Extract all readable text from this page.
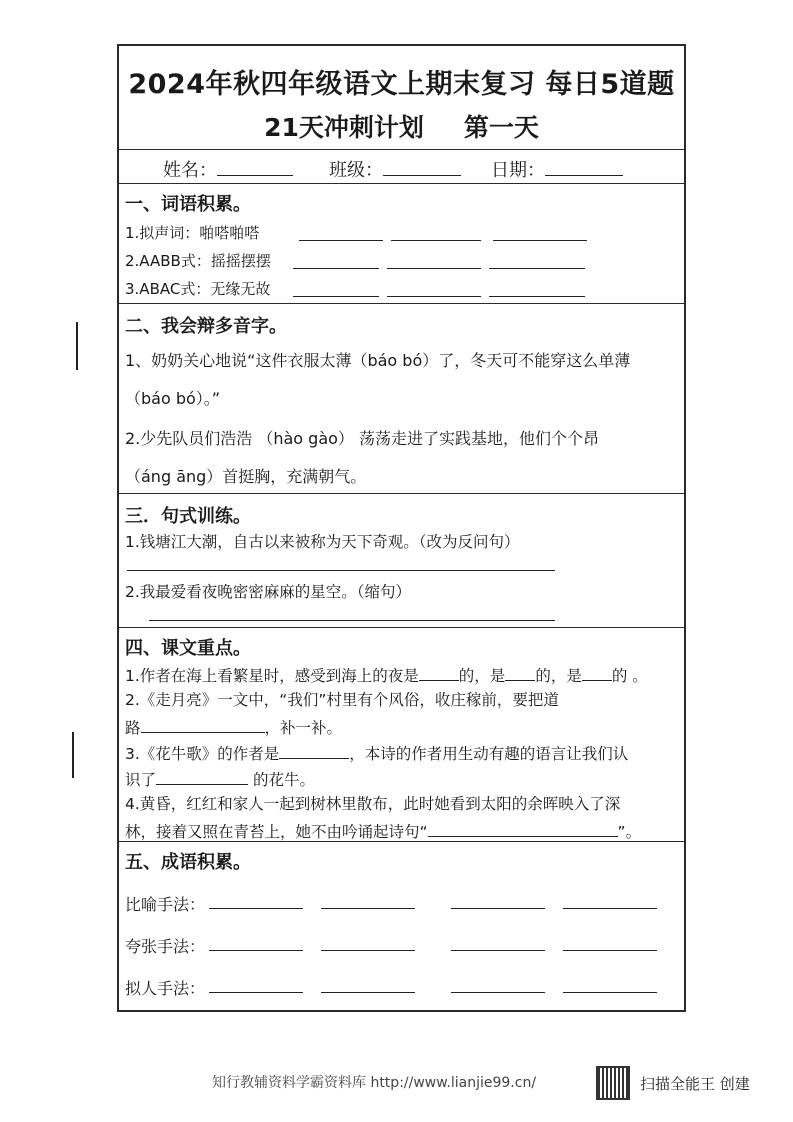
2024年秋四年级语文上期末复习 每日5道题
21天冲刺计划 第一天
姓名：	班级：	日期：
一、词语积累。
1.拟声词：啪嗒啪嗒
2.AABB式：摇摇摆摆
3.ABAC式：无缘无故
二、我会辩多音字。
1、奶奶关心地说“这件衣服太薄（báo bó）了，冬天可不能穿这么单薄
（báo bó）。”
2.少先队员们浩浩 （hào gào） 荡荡走进了实践基地，他们个个昂
（áng āng）首挺胸，充满朝气。
三．句式训练。
1.钱塘江大潮，自古以来被称为天下奇观。（改为反问句）
2.我最爱看夜晚密密麻麻的星空。（缩句）
四、课文重点。
1.作者在海上看繁星时，感受到海上的夜是	的，是 的，是 的 。
2.《走月亮》一文中，“我们”村里有个风俗，收庄稼前，要把道
路	，补一补。
3.《花牛歌》的作者是	，本诗的作者用生动有趣的语言让我们认
识了	的花牛。
4.黄昏，红红和家人一起到树林里散布，此时她看到太阳的余晖映入了深
林，接着又照在青苔上，她不由吟诵起诗句“	”。
五、成语积累。
比喻手法：
夸张手法：
拟人手法：
知行教辅资料学霸资料库 http://www.lianjie99.cn/	扫描全能王 创建
